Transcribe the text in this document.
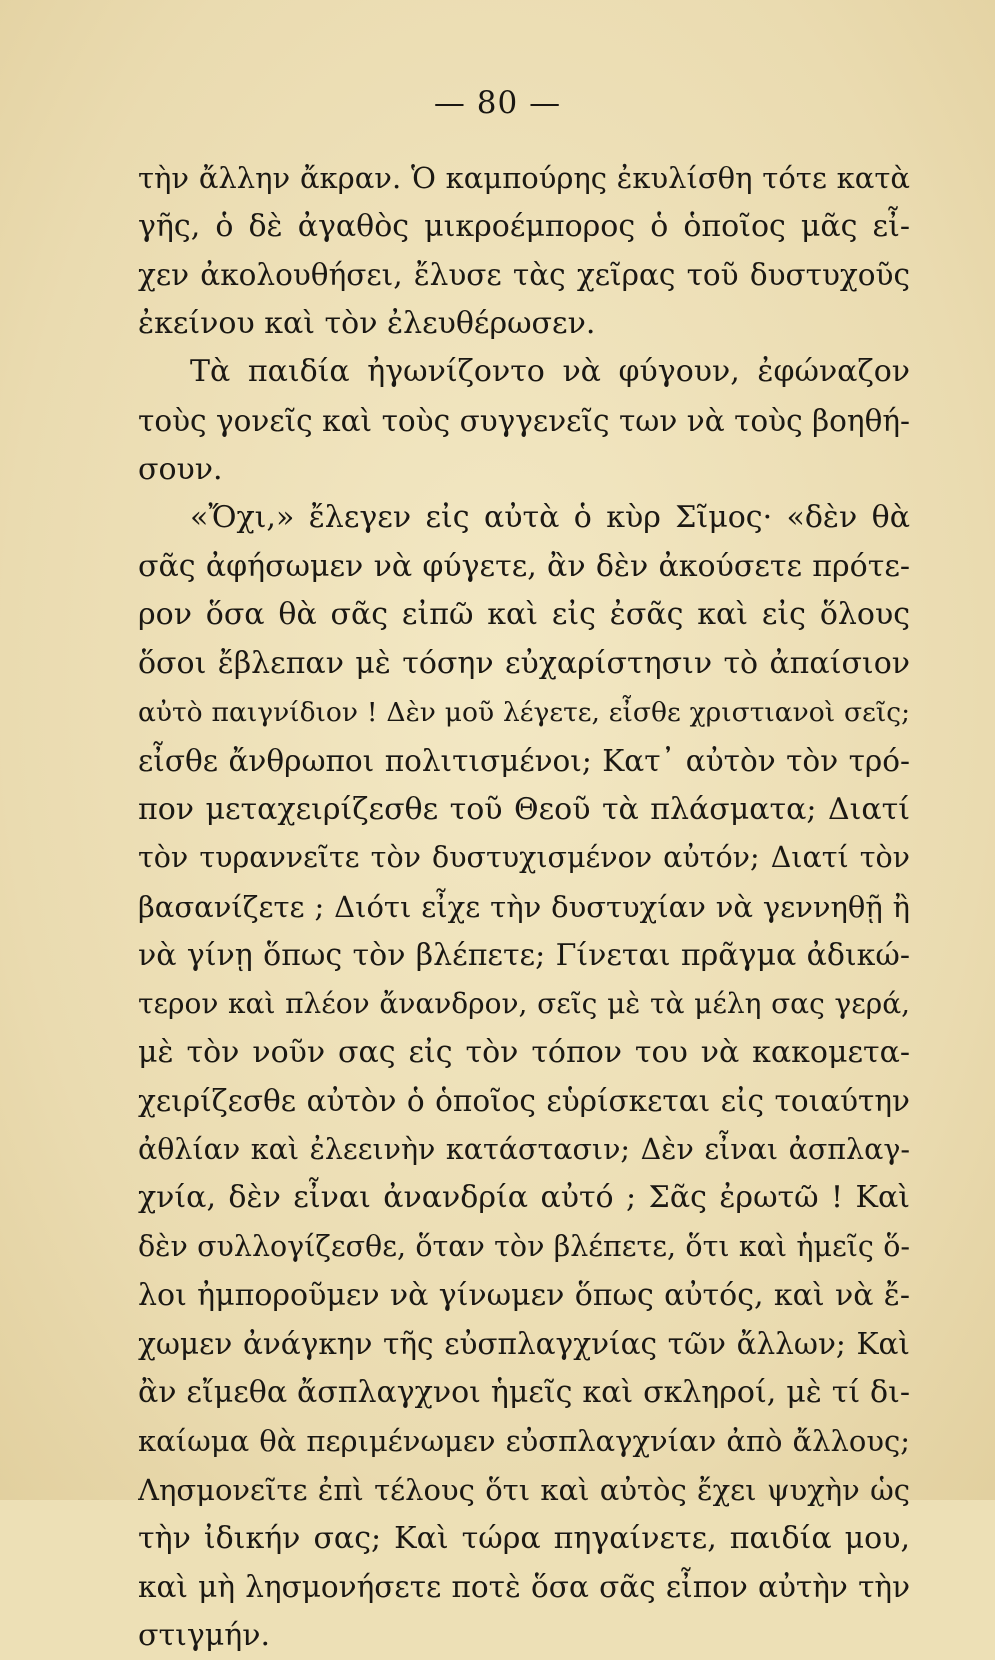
— 80 —
τὴν ἄλλην ἄκραν. Ὁ καμπούρης ἐκυλίσθη τότε κατὰ
γῆς, ὁ δὲ ἀγαθὸς μικρoέμπορος ὁ ὁποῖος μᾶς εἶ-
χεν ἀκολουθήσει, ἔλυσε τὰς χεῖρας τοῦ δυστυχοῦς
ἐκείνου καὶ τὸν ἐλευθέρωσεν.
Τὰ παιδία ἠγωνίζοντο νὰ φύγουν, ἐφώναζον
τοὺς γονεῖς καὶ τοὺς συγγενεῖς των νὰ τοὺς βοηθή-
σουν.
«Ὄχι,» ἔλεγεν εἰς αὐτὰ ὁ κὺρ Σῖμος· «δὲν θὰ
σᾶς ἀφήσωμεν νὰ φύγετε, ἂν δὲν ἀκούσετε πρότε-
ρον ὅσα θὰ σᾶς εἰπῶ καὶ εἰς ἐσᾶς καὶ εἰς ὅλους
ὅσοι ἔβλεπαν μὲ τόσην εὐχαρίστησιν τὸ ἀπαίσιον
αὐτὸ παιγνίδιον ! Δὲν μοῦ λέγετε, εἶσθε χριστιανοὶ σεῖς;
εἶσθε ἄνθρωποι πολιτισμένοι; Κατ᾽ αὐτὸν τὸν τρό-
πον μεταχειρίζεσθε τοῦ Θεοῦ τὰ πλάσματα; Διατί
τὸν τυραννεῖτε τὸν δυστυχισμένον αὐτόν; Διατί τὸν
βασανίζετε ; Διότι εἶχε τὴν δυστυχίαν νὰ γεννηθῇ ἢ
νὰ γίνῃ ὅπως τὸν βλέπετε; Γίνεται πρᾶγμα ἀδικώ-
τερον καὶ πλέον ἄνανδρον, σεῖς μὲ τὰ μέλη σας γερά,
μὲ τὸν νοῦν σας εἰς τὸν τόπον του νὰ κακομετα-
χειρίζεσθε αὐτὸν ὁ ὁποῖος εὑρίσκεται εἰς τοιαύτην
ἀθλίαν καὶ ἐλεεινὴν κατάστασιν; Δὲν εἶναι ἀσπλαγ-
χνία, δὲν εἶναι ἀνανδρία αὐτό ; Σᾶς ἐρωτῶ ! Καὶ
δὲν συλλογίζεσθε, ὅταν τὸν βλέπετε, ὅτι καὶ ἡμεῖς ὅ-
λοι ἠμποροῦμεν νὰ γίνωμεν ὅπως αὐτός, καὶ νὰ ἔ-
χωμεν ἀνάγκην τῆς εὐσπλαγχνίας τῶν ἄλλων; Καὶ
ἂν εἴμεθα ἄσπλαγχνοι ἡμεῖς καὶ σκληροί, μὲ τί δι-
καίωμα θὰ περιμένωμεν εὐσπλαγχνίαν ἀπὸ ἄλλους;
Λησμονεῖτε ἐπὶ τέλους ὅτι καὶ αὐτὸς ἔχει ψυχὴν ὡς
τὴν ἰδικήν σας; Καὶ τώρα πηγαίνετε, παιδία μου,
καὶ μὴ λησμονήσετε ποτὲ ὅσα σᾶς εἶπον αὐτὴν τὴν
στιγμήν.
